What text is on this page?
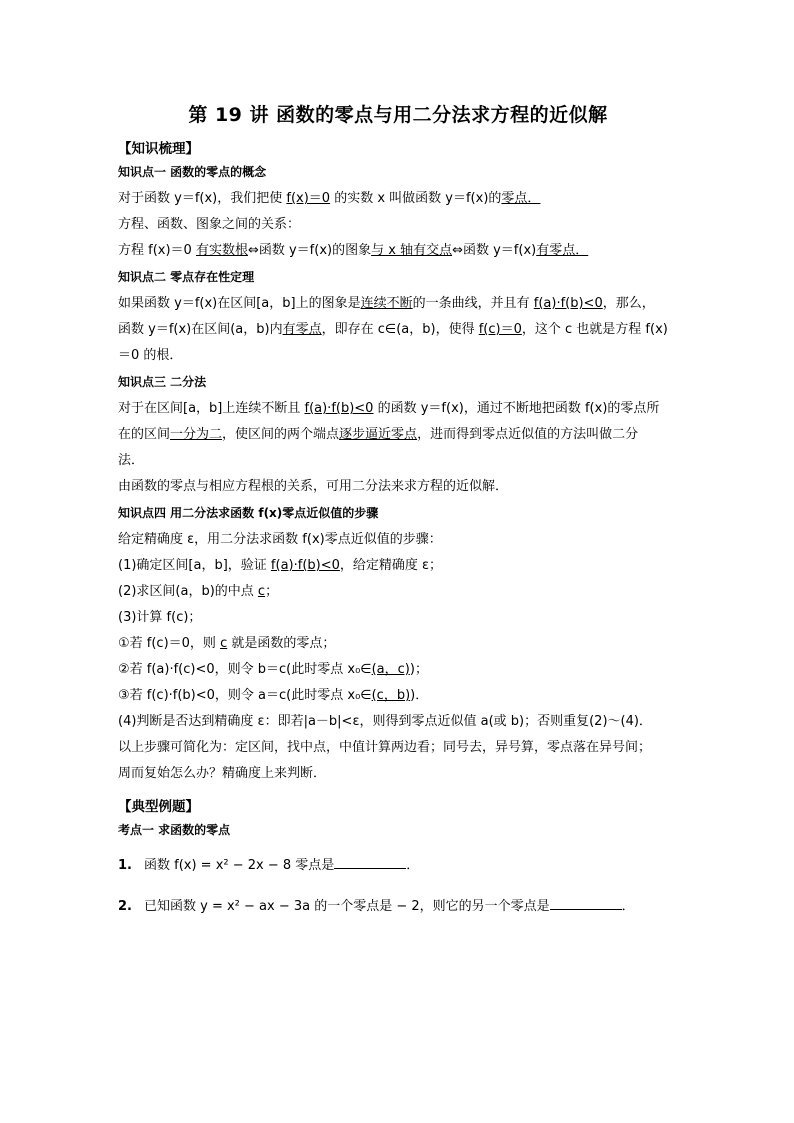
第 19 讲 函数的零点与用二分法求方程的近似解
【知识梳理】
知识点一 函数的零点的概念

对于函数 y＝f(x)，我们把使 f(x)＝0 的实数 x 叫做函数 y＝f(x)的零点．

方程、函数、图象之间的关系：

方程 f(x)＝0 有实数根⇔函数 y＝f(x)的图象与 x 轴有交点⇔函数 y＝f(x)有零点．

知识点二 零点存在性定理

如果函数 y＝f(x)在区间[a，b]上的图象是连续不断的一条曲线，并且有 f(a)·f(b)<0，那么，

函数 y＝f(x)在区间(a，b)内有零点，即存在 c∈(a，b)，使得 f(c)＝0，这个 c 也就是方程 f(x)

＝0 的根．

知识点三 二分法

对于在区间[a，b]上连续不断且 f(a)·f(b)<0 的函数 y＝f(x)，通过不断地把函数 f(x)的零点所

在的区间一分为二，使区间的两个端点逐步逼近零点，进而得到零点近似值的方法叫做二分

法．

由函数的零点与相应方程根的关系，可用二分法来求方程的近似解．

知识点四 用二分法求函数 f(x)零点近似值的步骤

给定精确度 ε，用二分法求函数 f(x)零点近似值的步骤：

(1)确定区间[a，b]，验证 f(a)·f(b)<0，给定精确度 ε；

(2)求区间(a，b)的中点 c；

(3)计算 f(c)；

①若 f(c)＝0，则 c 就是函数的零点；

②若 f(a)·f(c)<0，则令 b＝c(此时零点 x₀∈(a，c))；

③若 f(c)·f(b)<0，则令 a＝c(此时零点 x₀∈(c，b))．

(4)判断是否达到精确度 ε：即若|a－b|<ε，则得到零点近似值 a(或 b)；否则重复(2)～(4)．

以上步骤可简化为：定区间，找中点，中值计算两边看；同号去，异号算，零点落在异号间；

周而复始怎么办？精确度上来判断．

【典型例题】
考点一 求函数的零点

1. 函数 f(x) = x² − 2x − 8 零点是	．

2. 已知函数 y = x² − ax − 3a 的一个零点是 − 2，则它的另一个零点是	．
